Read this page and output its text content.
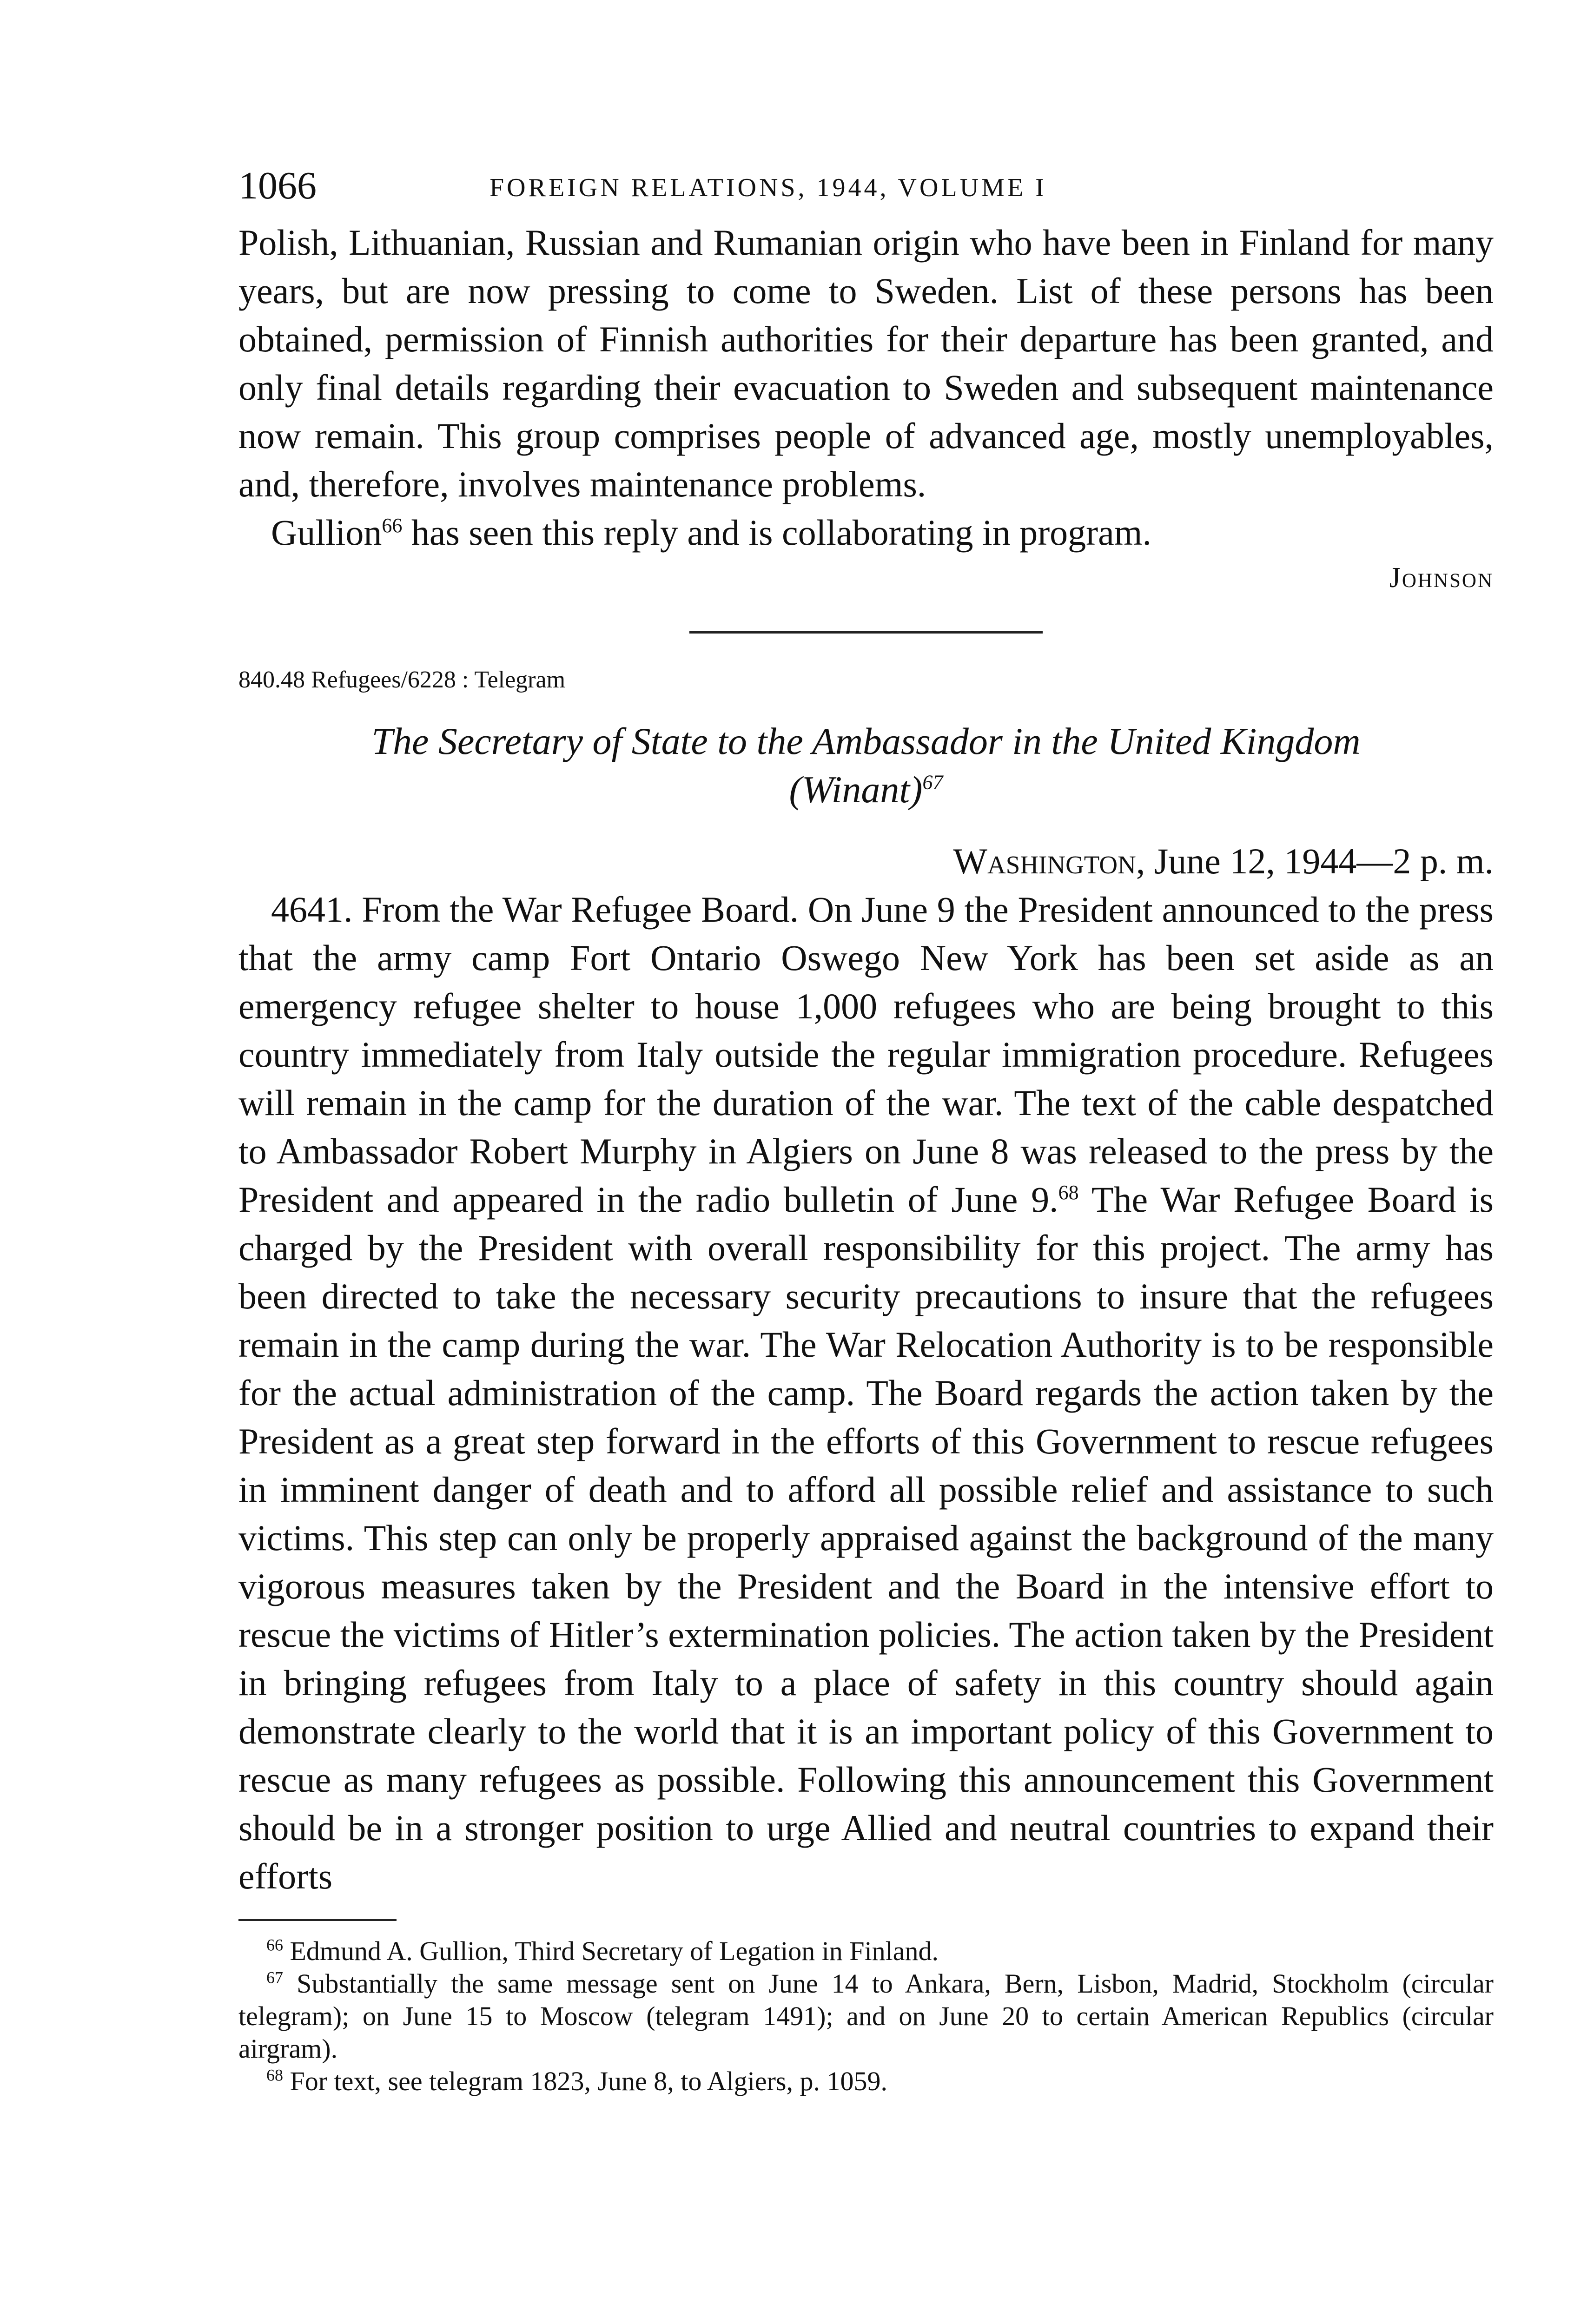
1066	FOREIGN RELATIONS, 1944, VOLUME I

Polish, Lithuanian, Russian and Rumanian origin who have been in Finland for many years, but are now pressing to come to Sweden. List of these persons has been obtained, permission of Finnish authorities for their departure has been granted, and only final details regarding their evacuation to Sweden and subsequent maintenance now remain. This group comprises people of advanced age, mostly unemployables, and, therefore, involves maintenance problems.

Gullion$^{66}$ has seen this reply and is collaborating in program.

Johnson

840.48 Refugees/6228 : Telegram
The Secretary of State to the Ambassador in the United Kingdom
(Winant)$^{67}$
Washington, June 12, 1944—2 p. m.

4641. From the War Refugee Board. On June 9 the President announced to the press that the army camp Fort Ontario Oswego New York has been set aside as an emergency refugee shelter to house 1,000 refugees who are being brought to this country immediately from Italy outside the regular immigration procedure. Refugees will remain in the camp for the duration of the war. The text of the cable despatched to Ambassador Robert Murphy in Algiers on June 8 was released to the press by the President and appeared in the radio bulletin of June 9.68 The War Refugee Board is charged by the President with overall responsibility for this project. The army has been directed to take the necessary security precautions to insure that the refugees remain in the camp during the war. The War Relocation Authority is to be responsible for the actual administration of the camp. The Board regards the action taken by the President as a great step forward in the efforts of this Government to rescue refugees in imminent danger of death and to afford all possible relief and assistance to such victims. This step can only be properly appraised against the background of the many vigorous measures taken by the President and the Board in the intensive effort to rescue the victims of Hitler’s extermination policies. The action taken by the President in bringing refugees from Italy to a place of safety in this country should again demonstrate clearly to the world that it is an important policy of this Government to rescue as many refugees as possible. Following this announcement this Government should be in a stronger position to urge Allied and neutral countries to expand their efforts

$^{66}$ Edmund A. Gullion, Third Secretary of Legation in Finland.

$^{67}$ Substantially the same message sent on June 14 to Ankara, Bern, Lisbon, Madrid, Stockholm (circular telegram); on June 15 to Moscow (telegram 1491); and on June 20 to certain American Republics (circular airgram).

$^{68}$ For text, see telegram 1823, June 8, to Algiers, p. 1059.
